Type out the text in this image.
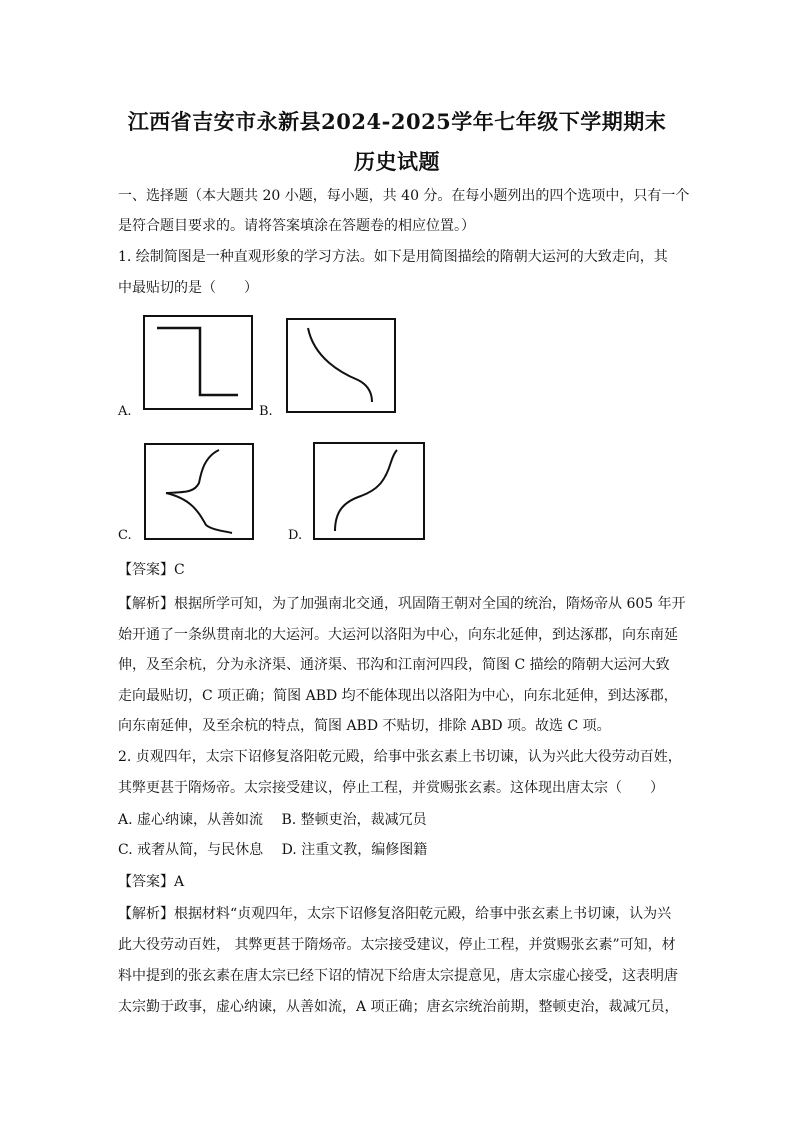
江西省吉安市永新县2024-2025学年七年级下学期期末
历史试题
一、选择题（本大题共 20 小题，每小题，共 40 分。在每小题列出的四个选项中，只有一个
是符合题目要求的。请将答案填涂在答题卷的相应位置。）
1. 绘制简图是一种直观形象的学习方法。如下是用简图描绘的隋朝大运河的大致走向，其
中最贴切的是（　　）
A.	B.
C.	D.
【答案】C
【解析】根据所学可知，为了加强南北交通，巩固隋王朝对全国的统治，隋炀帝从 605 年开
始开通了一条纵贯南北的大运河。大运河以洛阳为中心，向东北延伸，到达涿郡，向东南延
伸，及至余杭，分为永济渠、通济渠、邗沟和江南河四段，简图 C 描绘的隋朝大运河大致
走向最贴切，C 项正确；简图 ABD 均不能体现出以洛阳为中心，向东北延伸，到达涿郡，
向东南延伸，及至余杭的特点，简图 ABD 不贴切，排除 ABD 项。故选 C 项。
2. 贞观四年，太宗下诏修复洛阳乾元殿，给事中张玄素上书切谏，认为兴此大役劳动百姓，
其弊更甚于隋炀帝。太宗接受建议，停止工程，并赏赐张玄素。这体现出唐太宗（　　）
A. 虚心纳谏，从善如流　 B. 整顿吏治，裁减冗员
C. 戒奢从简，与民休息　 D. 注重文教，编修图籍
【答案】A
【解析】根据材料“贞观四年，太宗下诏修复洛阳乾元殿，给事中张玄素上书切谏，认为兴
此大役劳动百姓， 其弊更甚于隋炀帝。太宗接受建议，停止工程，并赏赐张玄素”可知，材
料中提到的张玄素在唐太宗已经下诏的情况下给唐太宗提意见，唐太宗虚心接受，这表明唐
太宗勤于政事，虚心纳谏，从善如流，A 项正确；唐玄宗统治前期，整顿吏治，裁减冗员，
